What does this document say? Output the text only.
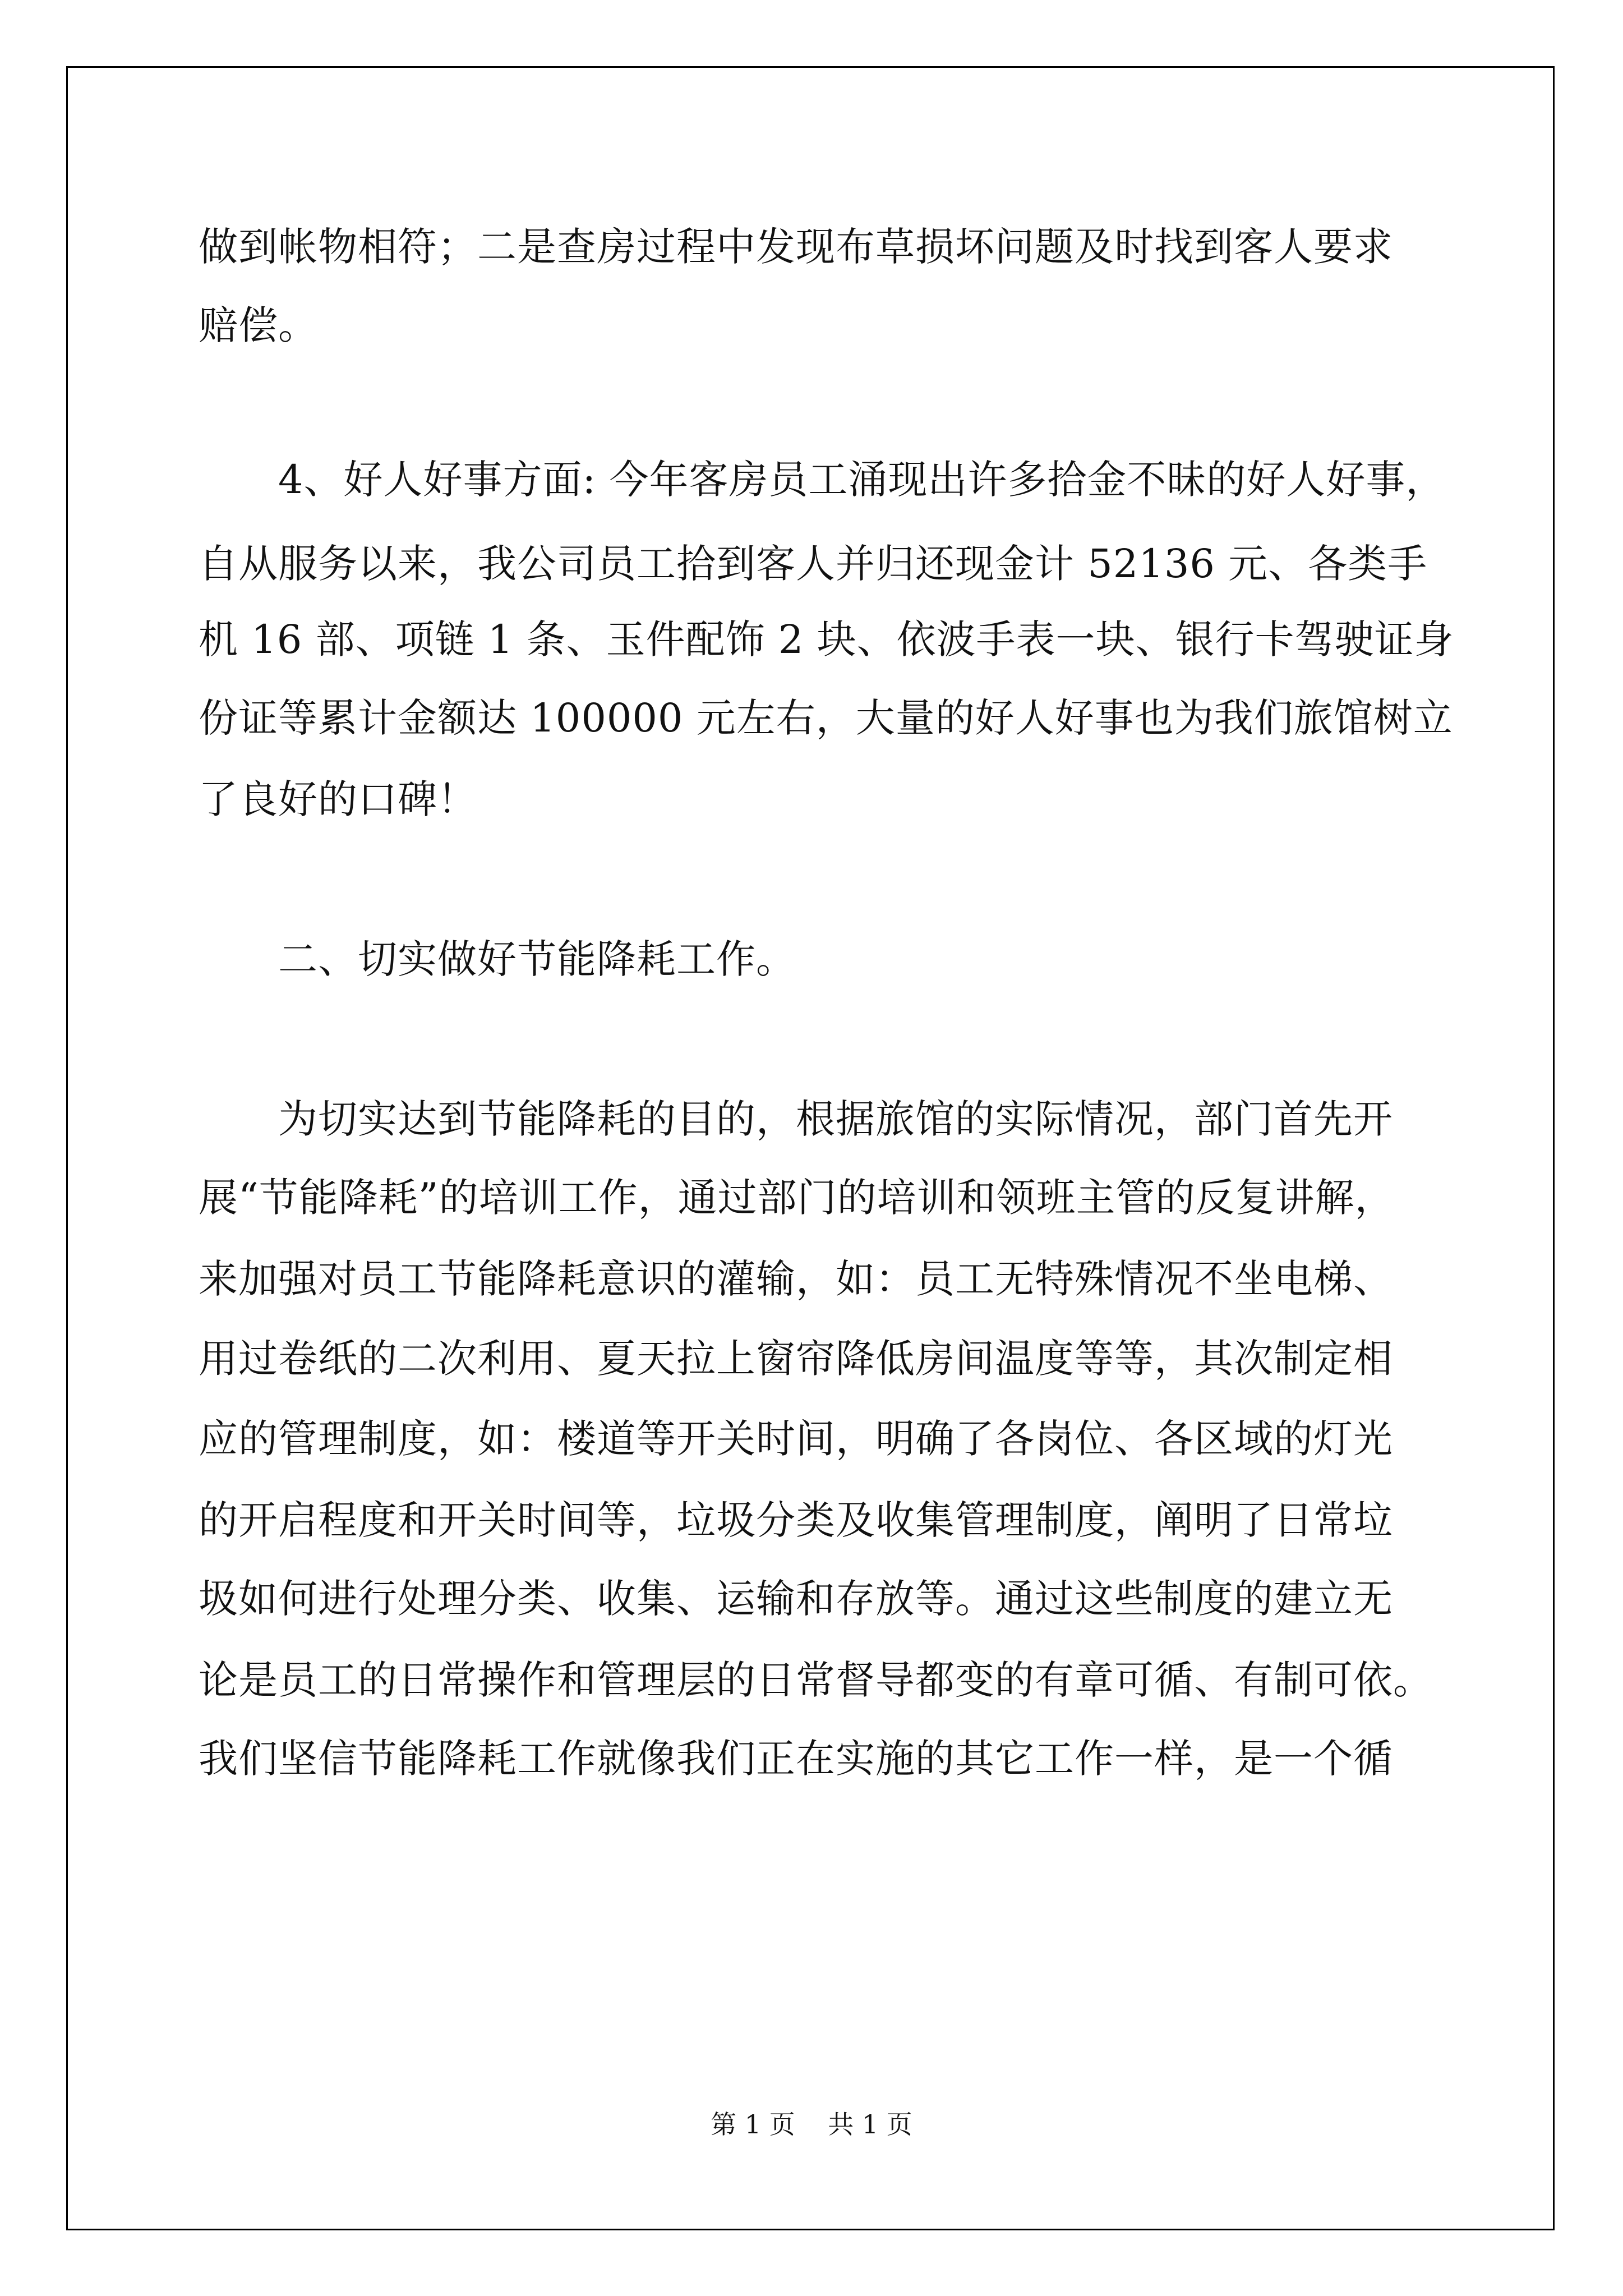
做到帐物相符；二是查房过程中发现布草损坏问题及时找到客人要求
赔偿。
　　4、好人好事方面: 今年客房员工涌现出许多拾金不昧的好人好事，
自从服务以来，我公司员工拾到客人并归还现金计 52136 元、各类手
机 16 部、项链 1 条、玉件配饰 2 块、依波手表一块、银行卡驾驶证身
份证等累计金额达 100000 元左右，大量的好人好事也为我们旅馆树立
了良好的口碑！
　　二、切实做好节能降耗工作。
　　为切实达到节能降耗的目的，根据旅馆的实际情况，部门首先开
展“节能降耗”的培训工作，通过部门的培训和领班主管的反复讲解，
来加强对员工节能降耗意识的灌输，如：员工无特殊情况不坐电梯、
用过卷纸的二次利用、夏天拉上窗帘降低房间温度等等，其次制定相
应的管理制度，如：楼道等开关时间，明确了各岗位、各区域的灯光
的开启程度和开关时间等，垃圾分类及收集管理制度，阐明了日常垃
圾如何进行处理分类、收集、运输和存放等。通过这些制度的建立无
论是员工的日常操作和管理层的日常督导都变的有章可循、有制可依。
我们坚信节能降耗工作就像我们正在实施的其它工作一样，是一个循
第 1 页 共 1 页
